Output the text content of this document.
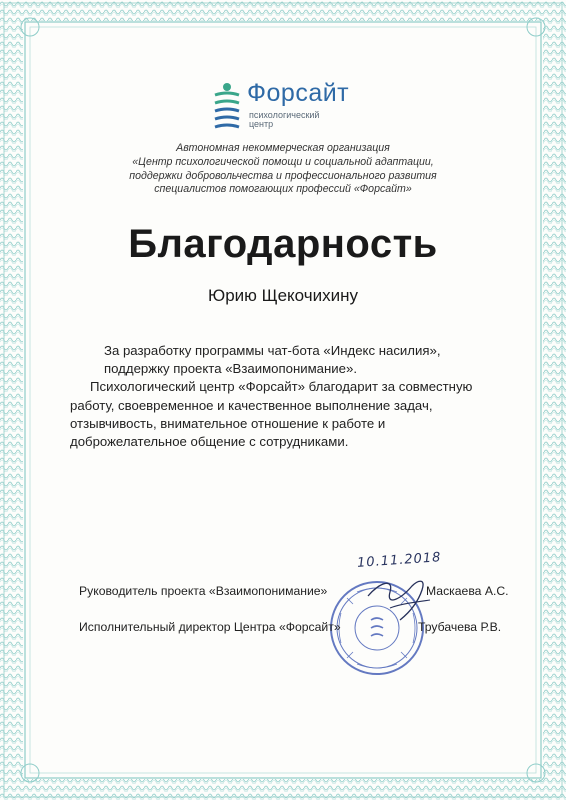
Форсайт
психологический
центр
Автономная некоммерческая организация
«Центр психологической помощи и социальной адаптации,
поддержки добровольчества и профессионального развития
специалистов помогающих профессий «Форсайт»
Благодарность
Юрию Щекочихину

За разработку программы чат-бота «Индекс насилия», поддержку проекта «Взаимопонимание».

Психологический центр «Форсайт» благодарит за совместную работу, своевременное и качественное выполнение задач, отзывчивость, внимательное отношение к работе и доброжелательное общение с сотрудниками.

10.11.2018
Руководитель проекта «Взаимопонимание»	Маскаева А.С.
Исполнительный директор Центра «Форсайт»	Трубачева Р.В.
